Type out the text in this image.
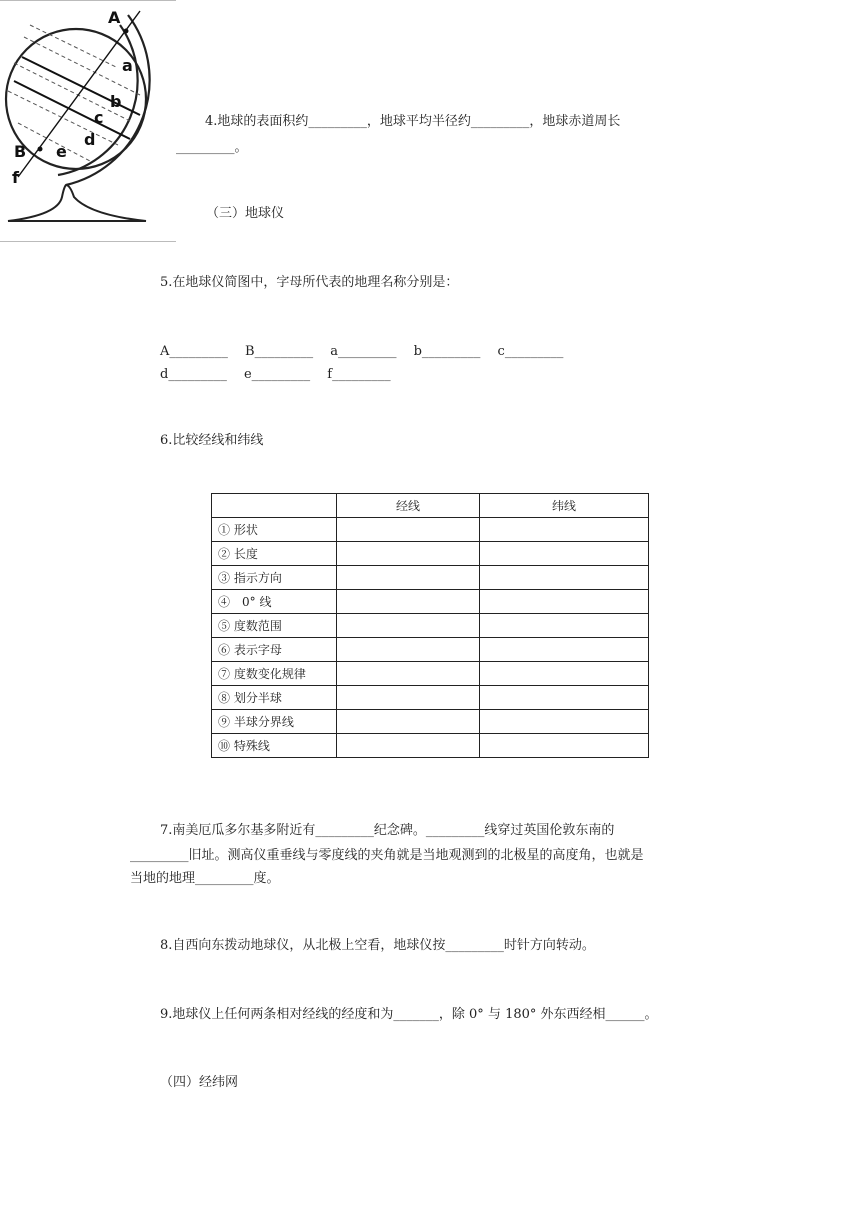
A
a
b
c
d
B e
f
4.地球的表面积约_________，地球平均半径约_________，地球赤道周长
_________。
（三）地球仪
5.在地球仪简图中，字母所代表的地理名称分别是：
A_________　 B_________　 a_________　 b_________　 c_________
d_________　 e_________　 f_________
6.比较经线和纬线
	经线	纬线
① 形状		
② 长度		
③ 指示方向		
④　0° 线		
⑤ 度数范围		
⑥ 表示字母		
⑦ 度数变化规律		
⑧ 划分半球		
⑨ 半球分界线		
⑩ 特殊线		
7.南美厄瓜多尔基多附近有_________纪念碑。_________线穿过英国伦敦东南的
_________旧址。测高仪重垂线与零度线的夹角就是当地观测到的北极星的高度角，也就是
当地的地理_________度。
8.自西向东拨动地球仪，从北极上空看，地球仪按_________时针方向转动。
9.地球仪上任何两条相对经线的经度和为_______，除 0° 与 180° 外东西经相______。
（四）经纬网
